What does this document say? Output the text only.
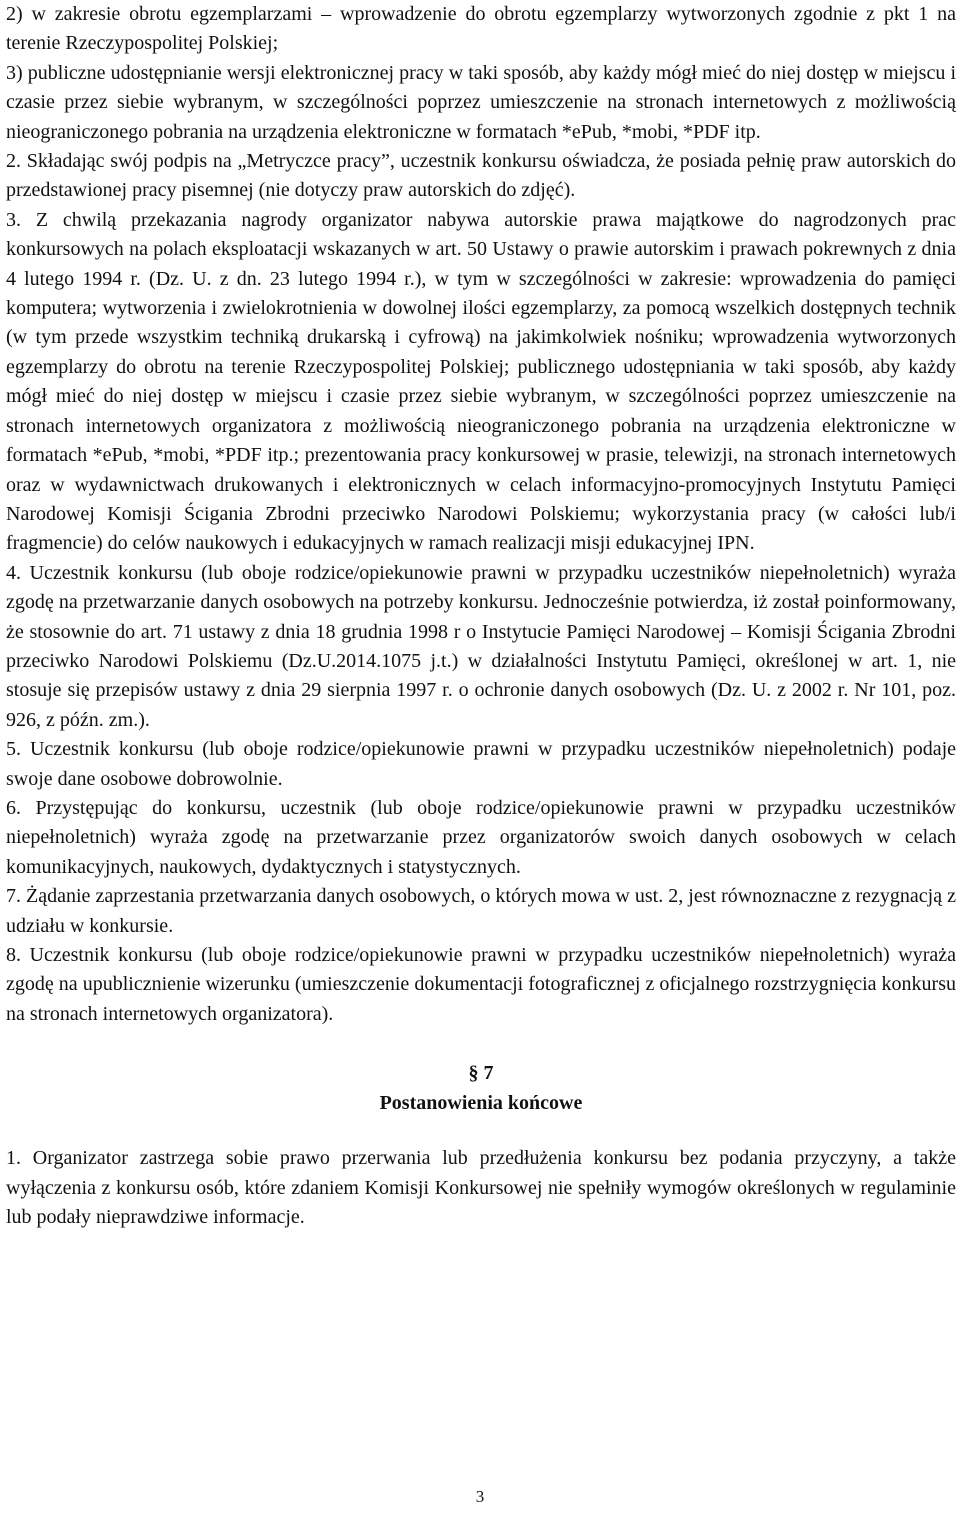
2) w zakresie obrotu egzemplarzami – wprowadzenie do obrotu egzemplarzy wytworzonych zgodnie z pkt 1 na terenie Rzeczypospolitej Polskiej;

3) publiczne udostępnianie wersji elektronicznej pracy w taki sposób, aby każdy mógł mieć do niej dostęp w miejscu i czasie przez siebie wybranym, w szczególności poprzez umieszczenie na stronach internetowych z możliwością nieograniczonego pobrania na urządzenia elektroniczne w formatach *ePub, *mobi, *PDF itp.

2. Składając swój podpis na „Metryczce pracy”, uczestnik konkursu oświadcza, że posiada pełnię praw autorskich do przedstawionej pracy pisemnej (nie dotyczy praw autorskich do zdjęć).

3. Z chwilą przekazania nagrody organizator nabywa autorskie prawa majątkowe do nagrodzonych prac konkursowych na polach eksploatacji wskazanych w art. 50 Ustawy o prawie autorskim i prawach pokrewnych z dnia 4 lutego 1994 r. (Dz. U. z dn. 23 lutego 1994 r.), w tym w szczególności w zakresie: wprowadzenia do pamięci komputera; wytworzenia i zwielokrotnienia w dowolnej ilości egzemplarzy, za pomocą wszelkich dostępnych technik (w tym przede wszystkim techniką drukarską i cyfrową) na jakimkolwiek nośniku; wprowadzenia wytworzonych egzemplarzy do obrotu na terenie Rzeczypospolitej Polskiej; publicznego udostępniania w taki sposób, aby każdy mógł mieć do niej dostęp w miejscu i czasie przez siebie wybranym, w szczególności poprzez umieszczenie na stronach internetowych organizatora z możliwością nieograniczonego pobrania na urządzenia elektroniczne w formatach *ePub, *mobi, *PDF itp.; prezentowania pracy konkursowej w prasie, telewizji, na stronach internetowych oraz w wydawnictwach drukowanych i elektronicznych w celach informacyjno-promocyjnych Instytutu Pamięci Narodowej Komisji Ścigania Zbrodni przeciwko Narodowi Polskiemu; wykorzystania pracy (w całości lub/i fragmencie) do celów naukowych i edukacyjnych w ramach realizacji misji edukacyjnej IPN.

4. Uczestnik konkursu (lub oboje rodzice/opiekunowie prawni w przypadku uczestników niepełnoletnich) wyraża zgodę na przetwarzanie danych osobowych na potrzeby konkursu. Jednocześnie potwierdza, iż został poinformowany, że stosownie do art. 71 ustawy z dnia 18 grudnia 1998 r o Instytucie Pamięci Narodowej – Komisji Ścigania Zbrodni przeciwko Narodowi Polskiemu (Dz.U.2014.1075 j.t.) w działalności Instytutu Pamięci, określonej w art. 1, nie stosuje się przepisów ustawy z dnia 29 sierpnia 1997 r. o ochronie danych osobowych (Dz. U. z 2002 r. Nr 101, poz. 926, z późn. zm.).

5. Uczestnik konkursu (lub oboje rodzice/opiekunowie prawni w przypadku uczestników niepełnoletnich) podaje swoje dane osobowe dobrowolnie.

6. Przystępując do konkursu, uczestnik (lub oboje rodzice/opiekunowie prawni w przypadku uczestników niepełnoletnich) wyraża zgodę na przetwarzanie przez organizatorów swoich danych osobowych w celach komunikacyjnych, naukowych, dydaktycznych i statystycznych.

7. Żądanie zaprzestania przetwarzania danych osobowych, o których mowa w ust. 2, jest równoznaczne z rezygnacją z udziału w konkursie.

8. Uczestnik konkursu (lub oboje rodzice/opiekunowie prawni w przypadku uczestników niepełnoletnich) wyraża zgodę na upublicznienie wizerunku (umieszczenie dokumentacji fotograficznej z oficjalnego rozstrzygnięcia konkursu na stronach internetowych organizatora).

§ 7
Postanowienia końcowe

1. Organizator zastrzega sobie prawo przerwania lub przedłużenia konkursu bez podania przyczyny, a także wyłączenia z konkursu osób, które zdaniem Komisji Konkursowej nie spełniły wymogów określonych w regulaminie lub podały nieprawdziwe informacje.

3
